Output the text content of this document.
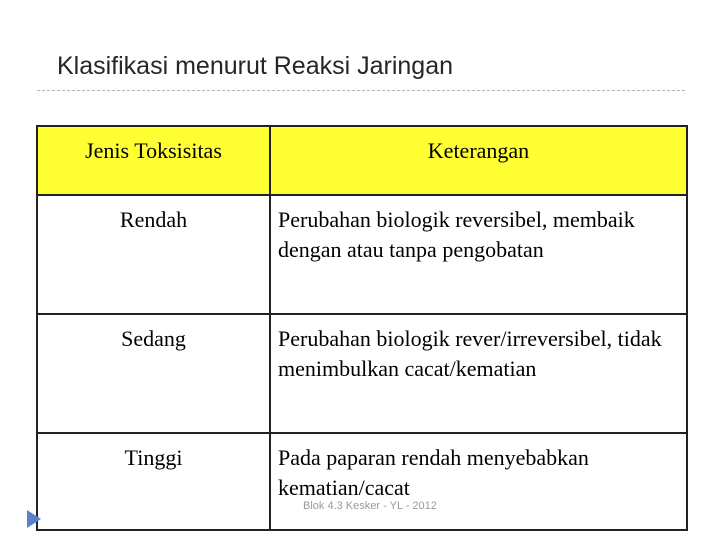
Klasifikasi menurut Reaksi Jaringan
Jenis Toksisitas	Keterangan
Rendah	Perubahan biologik reversibel, membaik dengan atau tanpa pengobatan
Sedang	Perubahan biologik rever/irreversibel, tidak menimbulkan cacat/kematian
Tinggi	Pada paparan rendah menyebabkan kematian/cacat
Blok 4.3 Kesker - YL - 2012
